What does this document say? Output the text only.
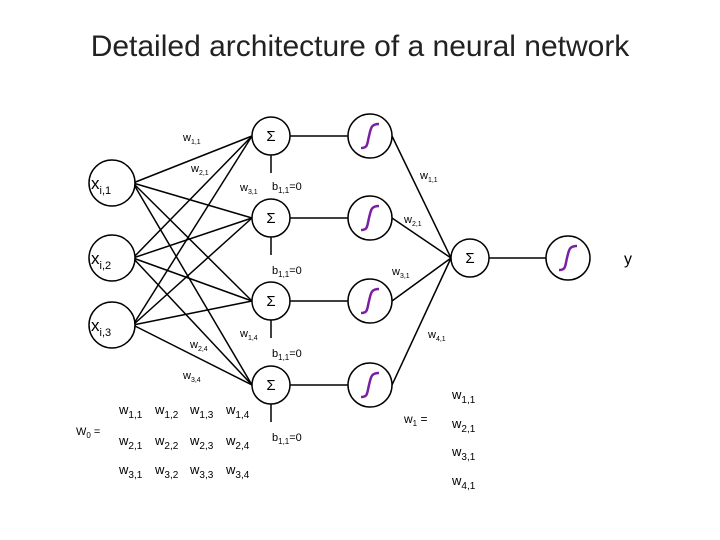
Detailed architecture of a neural network
Σ
Σ
Σ
Σ
Σ
$x_{i,1}$
$x_{i,2}$
$x_{i,3}$
y
$b_{1,1}=0$
$b_{1,1}=0$
$b_{1,1}=0$
$b_{1,1}=0$
$w_{1,1}$
$w_{2,1}$
$w_{3,1}$
$w_{1,4}$
$w_{2,4}$
$w_{3,4}$
$w_{1,1}$
$w_{2,1}$
$w_{3,1}$
$w_{4,1}$
$W_0$ =
$w_{1,1}$ $w_{1,2}$ $w_{1,3}$ $w_{1,4}$
$w_{2,1}$ $w_{2,2}$ $w_{2,3}$ $w_{2,4}$
$w_{3,1}$ $w_{3,2}$ $w_{3,3}$ $w_{3,4}$
$w_1$ =
$w_{1,1}$
$w_{2,1}$
$w_{3,1}$
$w_{4,1}$
